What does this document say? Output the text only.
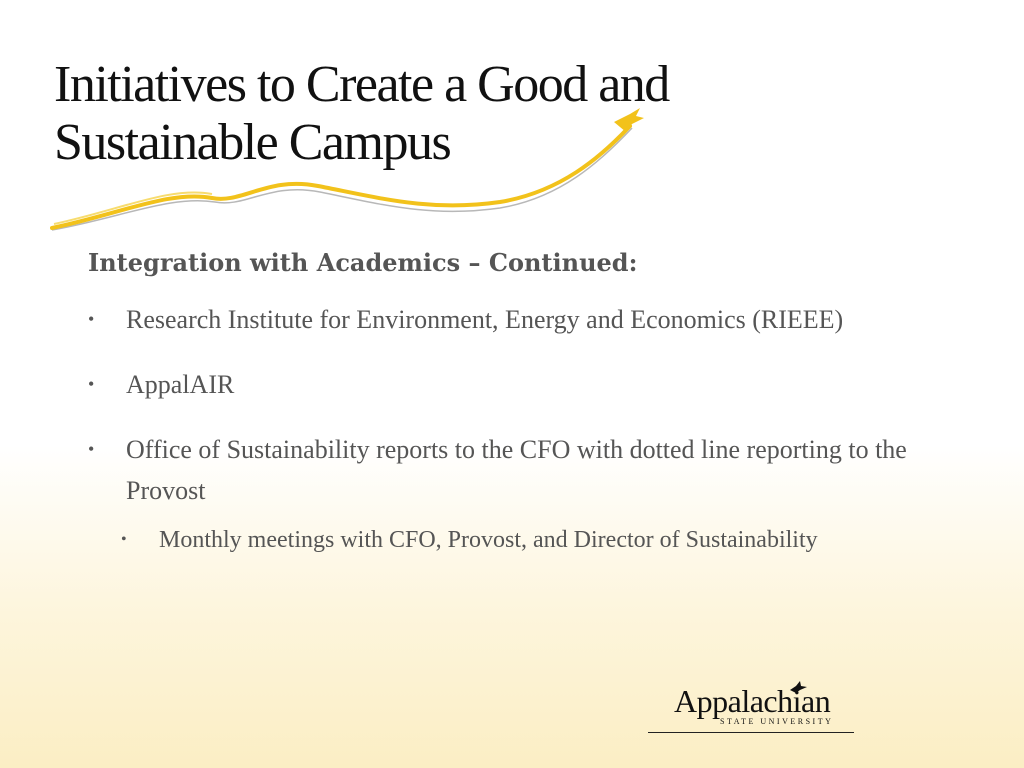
Initiatives to Create a Good and
Sustainable Campus
Integration with Academics – Continued:
• Research Institute for Environment, Energy and Economics (RIEEE)
• AppalAIR
• Office of Sustainability reports to the CFO with dotted line reporting to the Provost
• Monthly meetings with CFO, Provost, and Director of Sustainability
Appalachian
STATE UNIVERSITY
